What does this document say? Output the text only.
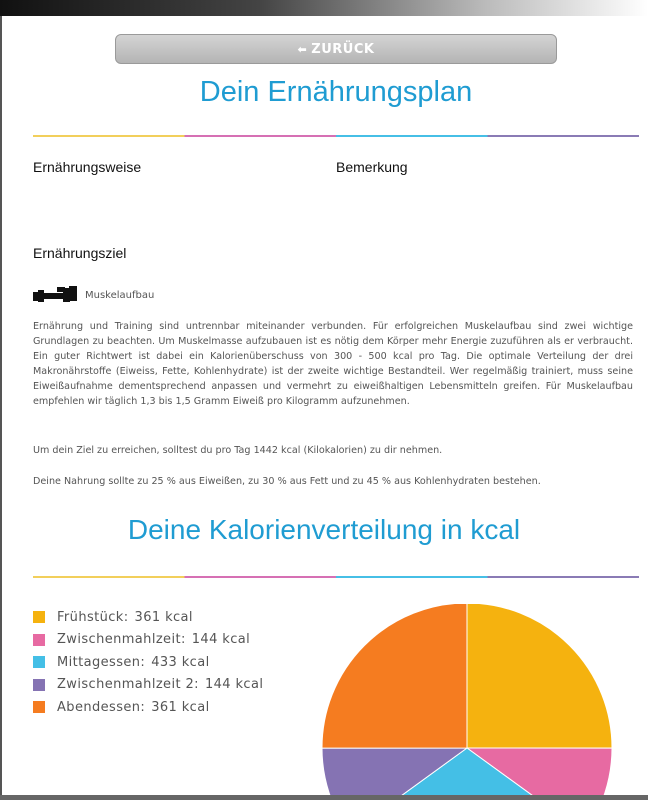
⬅ ZURÜCK
Dein Ernährungsplan
Ernährungsweise	Bemerkung
Ernährungsziel
Muskelaufbau
Ernährung und Training sind untrennbar miteinander verbunden. Für erfolgreichen Muskelaufbau sind zwei wichtige Grundlagen zu beachten. Um Muskelmasse aufzubauen ist es nötig dem Körper mehr Energie zuzuführen als er verbraucht. Ein guter Richtwert ist dabei ein Kalorienüberschuss von 300 - 500 kcal pro Tag. Die optimale Verteilung der drei Makronährstoffe (Eiweiss, Fette, Kohlenhydrate) ist der zweite wichtige Bestandteil. Wer regelmäßig trainiert, muss seine Eiweißaufnahme dementsprechend anpassen und vermehrt zu eiweißhaltigen Lebensmitteln greifen. Für Muskelaufbau empfehlen wir täglich 1,3 bis 1,5 Gramm Eiweiß pro Kilogramm aufzunehmen.
Um dein Ziel zu erreichen, solltest du pro Tag 1442 kcal (Kilokalorien) zu dir nehmen.
Deine Nahrung sollte zu 25 % aus Eiweißen, zu 30 % aus Fett und zu 45 % aus Kohlenhydraten bestehen.
Deine Kalorienverteilung in kcal
Frühstück: 361 kcal
Zwischenmahlzeit: 144 kcal
Mittagessen: 433 kcal
Zwischenmahlzeit 2: 144 kcal
Abendessen: 361 kcal
